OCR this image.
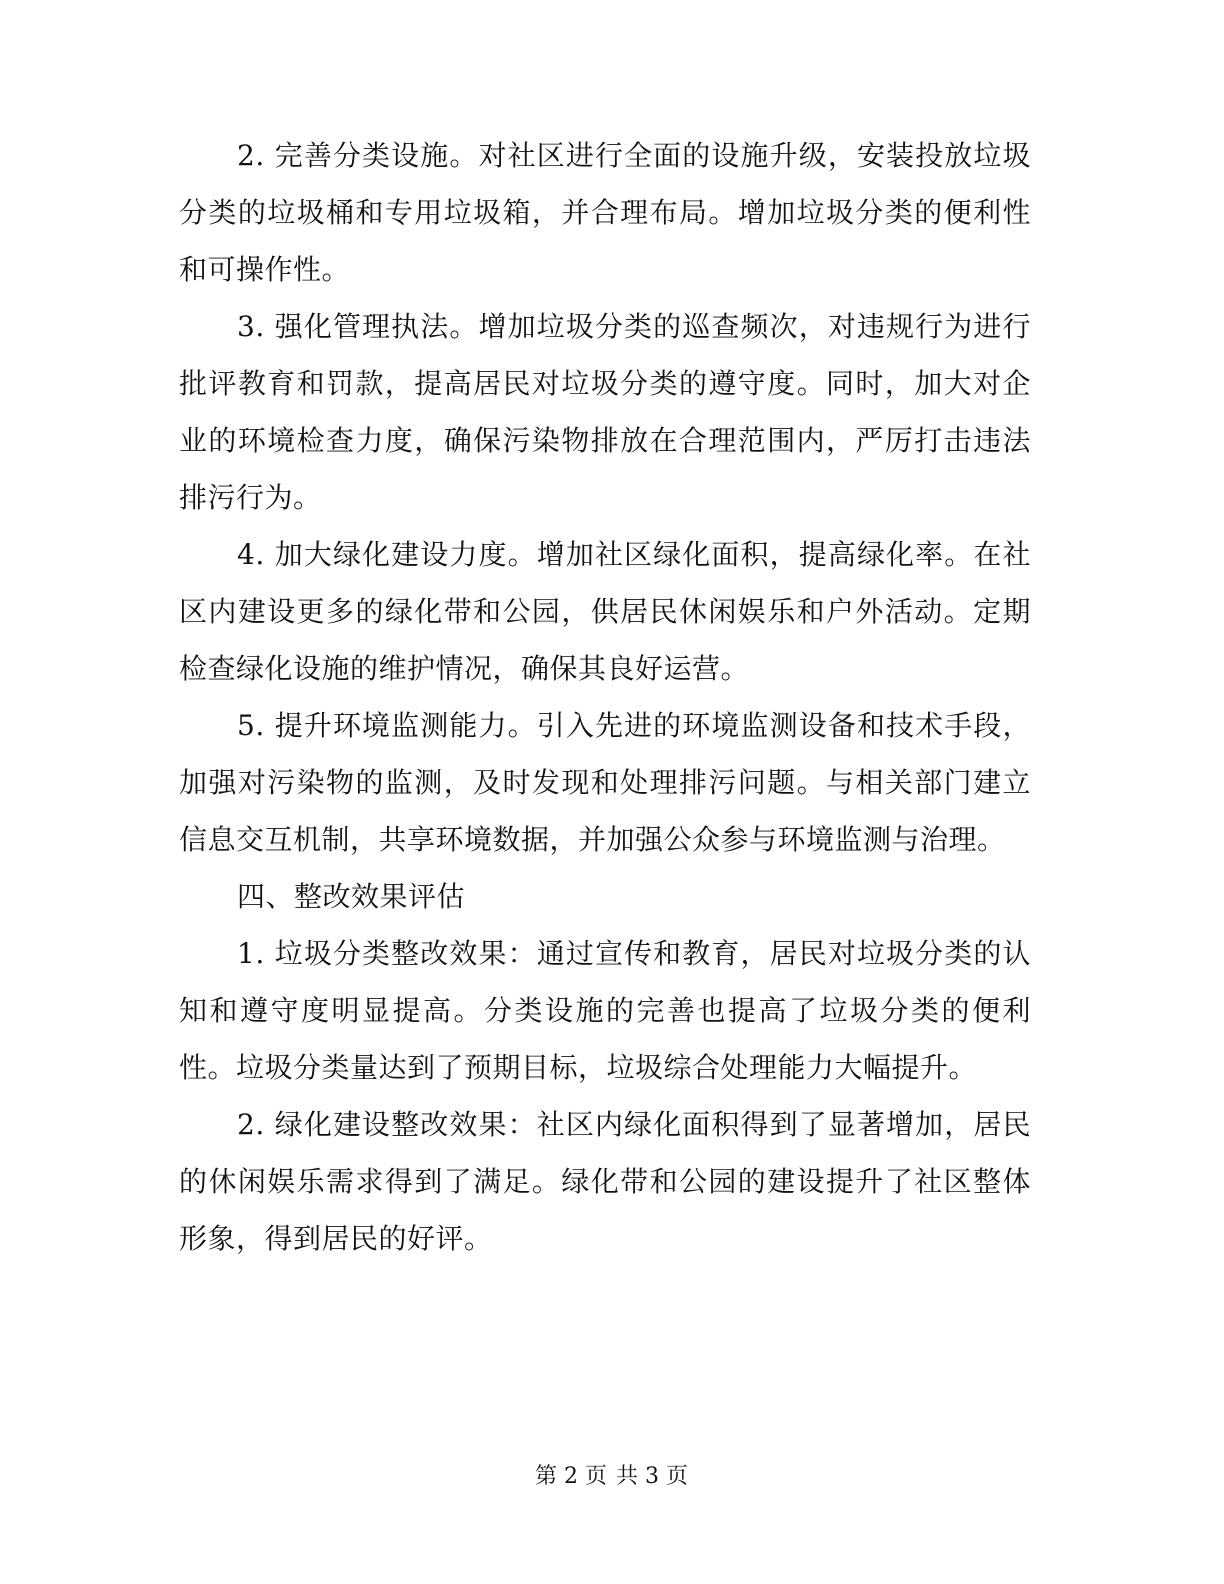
2. 完善分类设施。对社区进行全面的设施升级，安装投放垃圾分类的垃圾桶和专用垃圾箱，并合理布局。增加垃圾分类的便利性和可操作性。

3. 强化管理执法。增加垃圾分类的巡查频次，对违规行为进行批评教育和罚款，提高居民对垃圾分类的遵守度。同时，加大对企业的环境检查力度，确保污染物排放在合理范围内，严厉打击违法排污行为。

4. 加大绿化建设力度。增加社区绿化面积，提高绿化率。在社区内建设更多的绿化带和公园，供居民休闲娱乐和户外活动。定期检查绿化设施的维护情况，确保其良好运营。

5. 提升环境监测能力。引入先进的环境监测设备和技术手段，加强对污染物的监测，及时发现和处理排污问题。与相关部门建立信息交互机制，共享环境数据，并加强公众参与环境监测与治理。

四、整改效果评估

1. 垃圾分类整改效果：通过宣传和教育，居民对垃圾分类的认知和遵守度明显提高。分类设施的完善也提高了垃圾分类的便利性。垃圾分类量达到了预期目标，垃圾综合处理能力大幅提升。

2. 绿化建设整改效果：社区内绿化面积得到了显著增加，居民的休闲娱乐需求得到了满足。绿化带和公园的建设提升了社区整体形象，得到居民的好评。

第 2 页 共 3 页
